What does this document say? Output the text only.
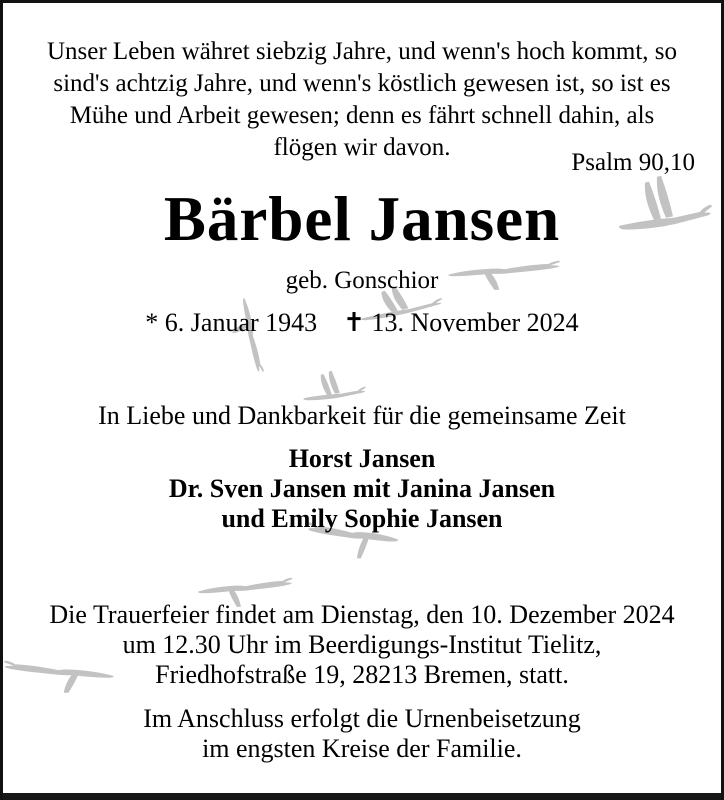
Unser Leben währet siebzig Jahre, und wenn's hoch kommt, so
sind's achtzig Jahre, und wenn's köstlich gewesen ist, so ist es
Mühe und Arbeit gewesen; denn es fährt schnell dahin, als
flögen wir davon.
Psalm 90,10
Bärbel Jansen
geb. Gonschior
* 6. Januar 1943 ✝ 13. November 2024
In Liebe und Dankbarkeit für die gemeinsame Zeit
Horst Jansen
Dr. Sven Jansen mit Janina Jansen
und Emily Sophie Jansen
Die Trauerfeier findet am Dienstag, den 10. Dezember 2024
um 12.30 Uhr im Beerdigungs-Institut Tielitz,
Friedhofstraße 19, 28213 Bremen, statt.
Im Anschluss erfolgt die Urnenbeisetzung
im engsten Kreise der Familie.
